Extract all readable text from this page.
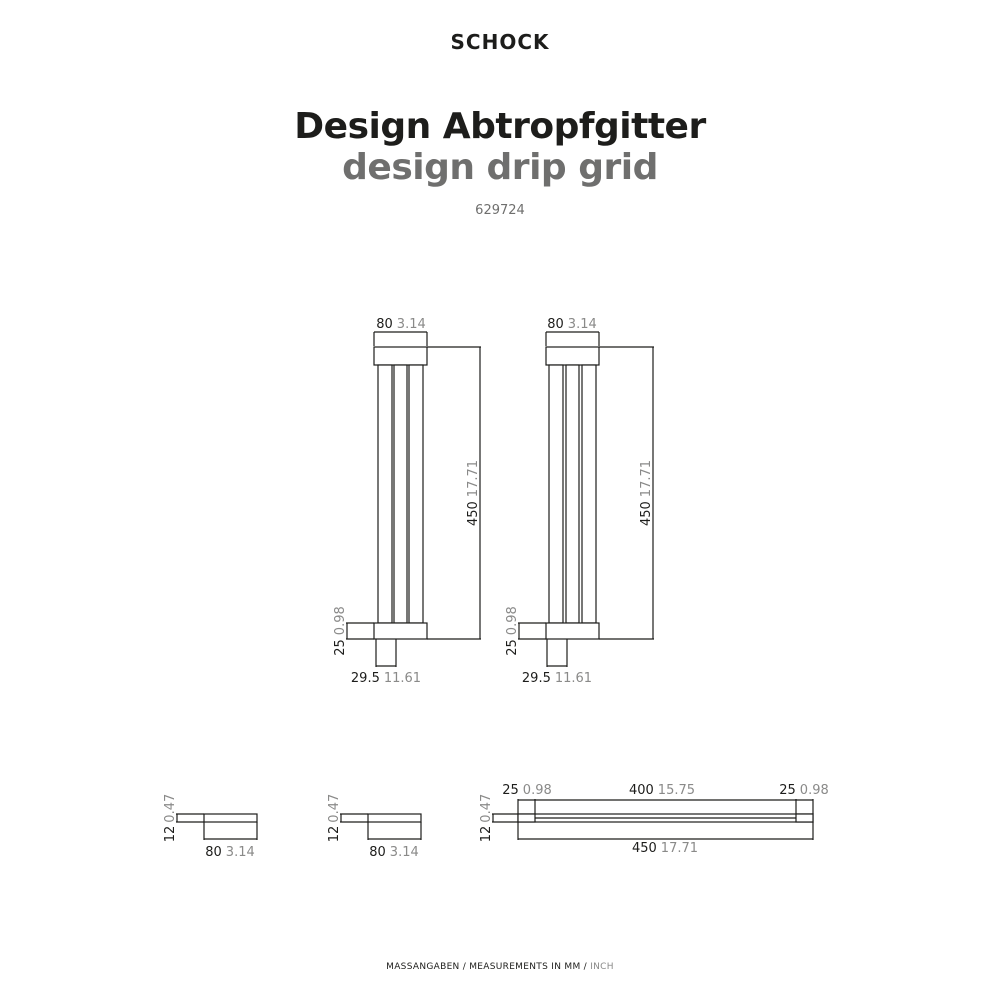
SCHOCK
Design Abtropfgitter
design drip grid
629724
80 3.14
45017.71
250.98
29.5 11.61
80 3.14
45017.71
250.98
29.5 11.61
120.47
80 3.14
120.47
80 3.14
120.47
25 0.98	400 15.75	25 0.98
450 17.71
MASSANGABEN / MEASUREMENTS IN MM / INCH
